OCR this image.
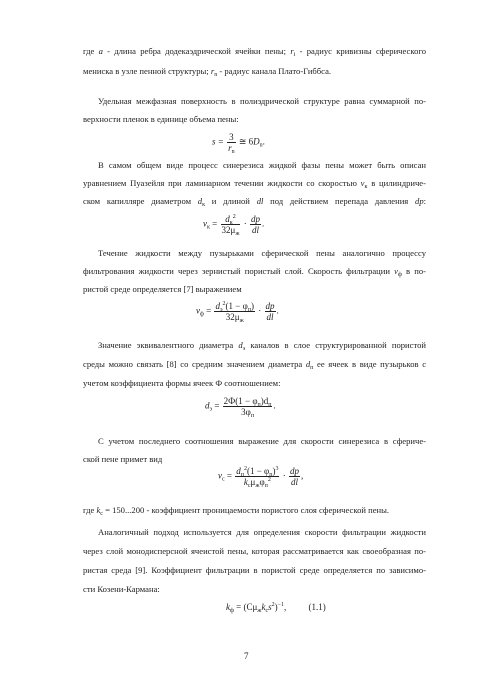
где a - длина ребра додекаэдрической ячейки пены; $r_i$ - радиус кривизны сферического
мениска в узле пенной структуры; $r_n$ - радиус канала Плато-Гиббса.
Удельная межфазная поверхность в полиэдрической структуре равна суммарной по-
верхности пленок в единице объема пены:
$s = \frac{3}{r_n}$ ≅ $6D_n$.
В самом общем виде процесс синерезиса жидкой фазы пены может быть описан
уравнением Пуазейля при ламинарном течении жидкости со скоростью $v_к$ в цилиндриче-
ском капилляре диаметром $d_к$ и длиной dl под действием перепада давления dp:
$v_к = \frac{d_к^2}{32\mu_ж} \cdot \frac{dp}{dl}$ .
Течение жидкости между пузырьками сферической пены аналогично процессу
фильтрования жидкости через зернистый пористый слой. Скорость фильтрации $v_ф$ в по-
ристой среде определяется [7] выражением
$v_ф = \frac{d_э^2(1 - \varphi_п)}{32\mu_ж} \cdot \frac{dp}{dl}$ .
Значение эквивалентного диаметра $d_э$ каналов в слое структурированной пористой
среды можно связать [8] со средним значением диаметра $d_п$ ее ячеек в виде пузырьков с
учетом коэффициента формы ячеек Ф соотношением:
$d_э = \frac{2Ф(1 - \varphi_п)d_п}{3\varphi_п}$ .
С учетом последнего соотношения выражение для скорости синерезиса в сфериче-
ской пене примет вид
$v_с = \frac{d_п^2(1 - \varphi_п)^3}{k_с\mu_ж\varphi_п^2} \cdot \frac{dp}{dl}$ ,
где $k_с = 150...200$ - коэффициент проницаемости пористого слоя сферической пены.
Аналогичный подход используется для определения скорости фильтрации жидкости
через слой монодисперсной ячеистой пены, которая рассматривается как своеобразная по-
ристая среда [9]. Коэффициент фильтрации в пористой среде определяется по зависимо-
сти Козени-Кармана:
$k_ф = (C\mu_жk_сs^2)^{-1}$, (1.1)
7
